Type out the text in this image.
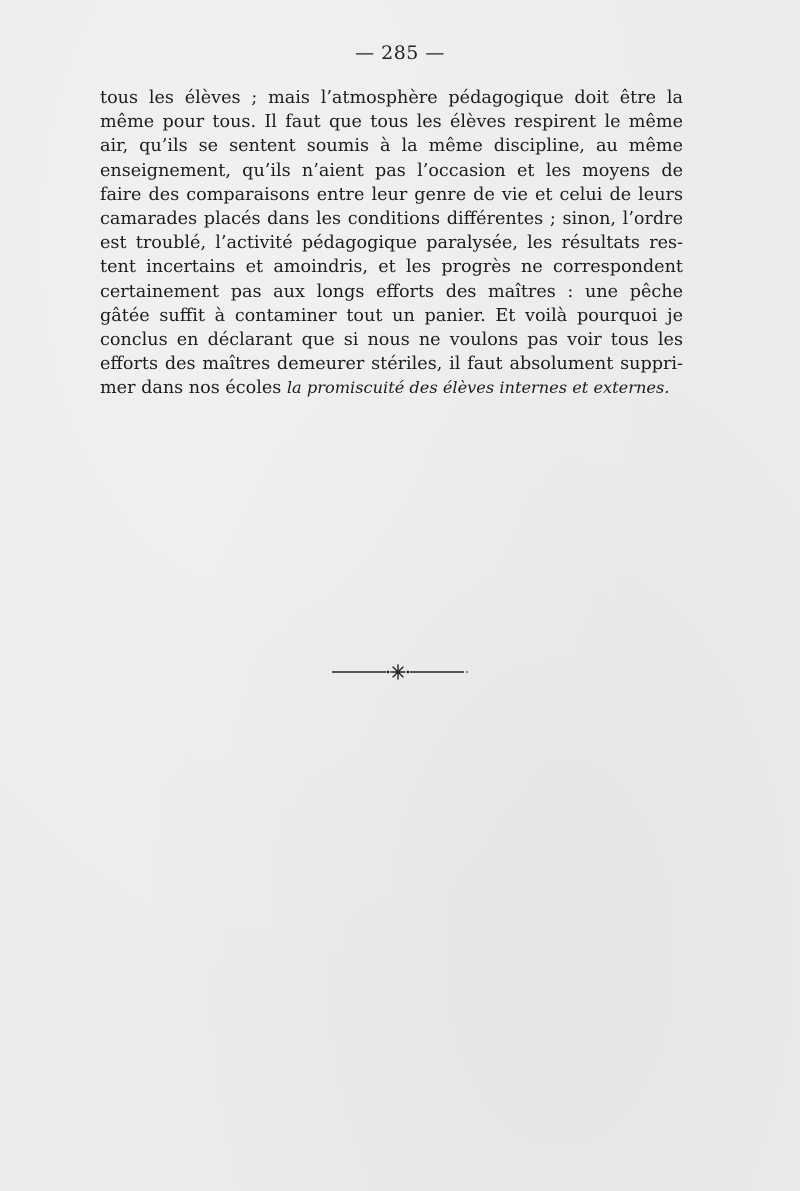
— 285 —
tous les élèves ; mais l’atmosphère pédagogique doit être la
même pour tous. Il faut que tous les élèves respirent le même
air, qu’ils se sentent soumis à la même discipline, au même
enseignement, qu’ils n’aient pas l’occasion et les moyens de
faire des comparaisons entre leur genre de vie et celui de leurs
camarades placés dans les conditions différentes ; sinon, l’ordre
est troublé, l’activité pédagogique paralysée, les résultats res-
tent incertains et amoindris, et les progrès ne correspondent
certainement pas aux longs efforts des maîtres : une pêche
gâtée suffit à contaminer tout un panier. Et voilà pourquoi je
conclus en déclarant que si nous ne voulons pas voir tous les
efforts des maîtres demeurer stériles, il faut absolument suppri-
mer dans nos écoles la promiscuité des élèves internes et externes.
